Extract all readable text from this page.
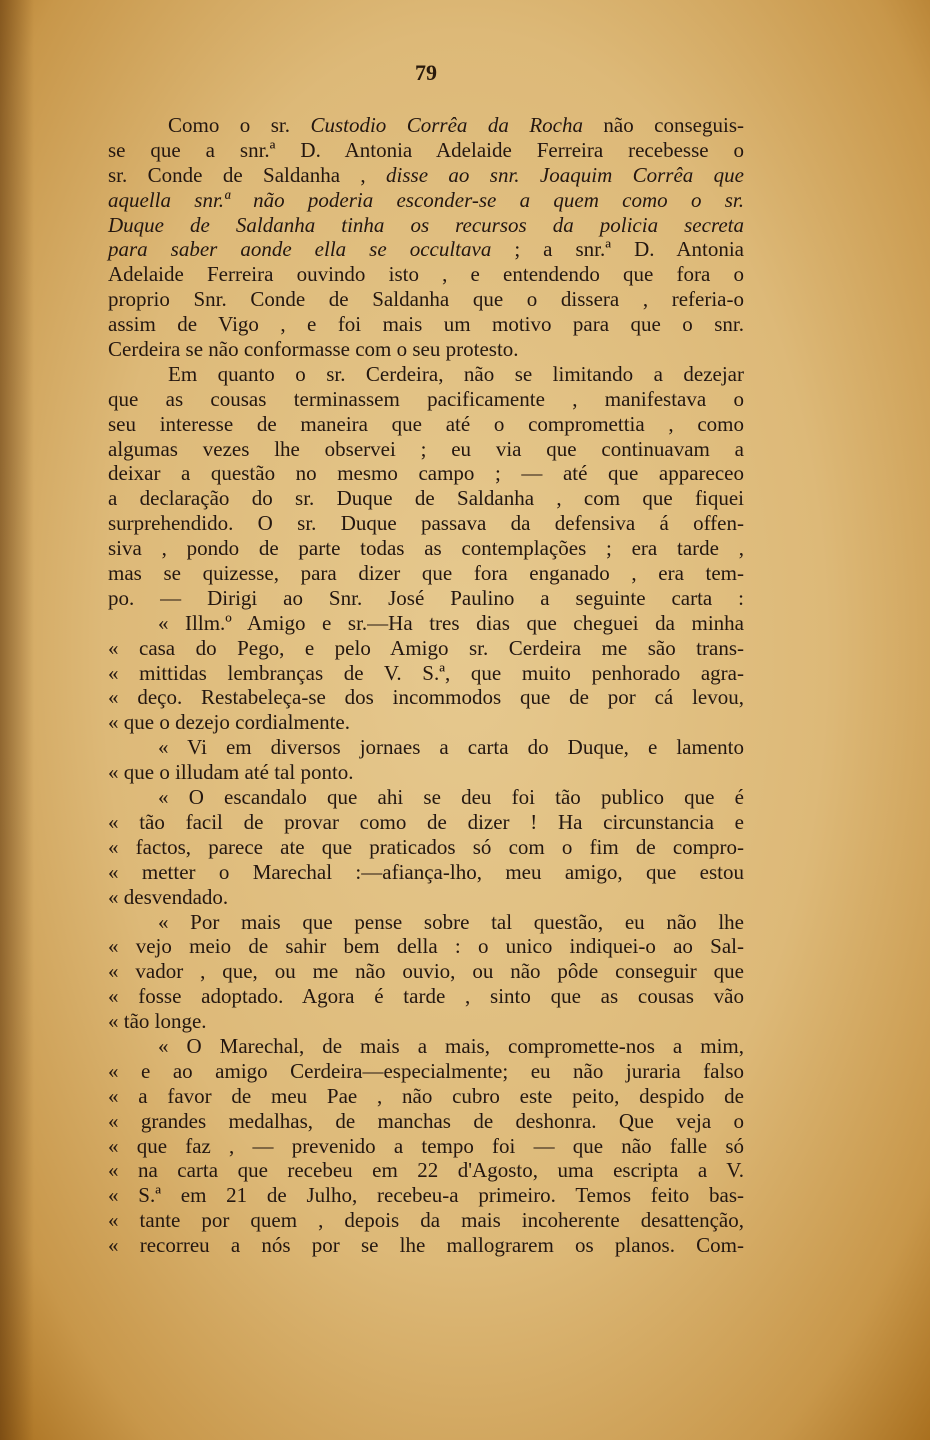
79
Como o sr. Custodio Corrêa da Rocha não conseguis-
se que a snr.ª D. Antonia Adelaide Ferreira recebesse o
sr. Conde de Saldanha , disse ao snr. Joaquim Corrêa que
aquella snr.ª não poderia esconder-se a quem como o sr.
Duque de Saldanha tinha os recursos da policia secreta
para saber aonde ella se occultava ; a snr.ª D. Antonia
Adelaide Ferreira ouvindo isto , e entendendo que fora o
proprio Snr. Conde de Saldanha que o dissera , referia-o
assim de Vigo , e foi mais um motivo para que o snr.
Cerdeira se não conformasse com o seu protesto.
Em quanto o sr. Cerdeira, não se limitando a dezejar
que as cousas terminassem pacificamente , manifestava o
seu interesse de maneira que até o compromettia , como
algumas vezes lhe observei ; eu via que continuavam a
deixar a questão no mesmo campo ; — até que appareceo
a declaração do sr. Duque de Saldanha , com que fiquei
surprehendido. O sr. Duque passava da defensiva á offen-
siva , pondo de parte todas as contemplações ; era tarde ,
mas se quizesse, para dizer que fora enganado , era tem-
po. — Dirigi ao Snr. José Paulino a seguinte carta :
« Illm.º Amigo e sr.—Ha tres dias que cheguei da minha
« casa do Pego, e pelo Amigo sr. Cerdeira me são trans-
« mittidas lembranças de V. S.ª, que muito penhorado agra-
« deço. Restabeleça-se dos incommodos que de por cá levou,
« que o dezejo cordialmente.
« Vi em diversos jornaes a carta do Duque, e lamento
« que o illudam até tal ponto.
« O escandalo que ahi se deu foi tão publico que é
« tão facil de provar como de dizer ! Ha circunstancia e
« factos, parece ate que praticados só com o fim de compro-
« metter o Marechal :—afiança-lho, meu amigo, que estou
« desvendado.
« Por mais que pense sobre tal questão, eu não lhe
« vejo meio de sahir bem della : o unico indiquei-o ao Sal-
« vador , que, ou me não ouvio, ou não pôde conseguir que
« fosse adoptado. Agora é tarde , sinto que as cousas vão
« tão longe.
« O Marechal, de mais a mais, compromette-nos a mim,
« e ao amigo Cerdeira—especialmente; eu não juraria falso
« a favor de meu Pae , não cubro este peito, despido de
« grandes medalhas, de manchas de deshonra. Que veja o
« que faz , — prevenido a tempo foi — que não falle só
« na carta que recebeu em 22 d'Agosto, uma escripta a V.
« S.ª em 21 de Julho, recebeu-a primeiro. Temos feito bas-
« tante por quem , depois da mais incoherente desattenção,
« recorreu a nós por se lhe mallograrem os planos. Com-
